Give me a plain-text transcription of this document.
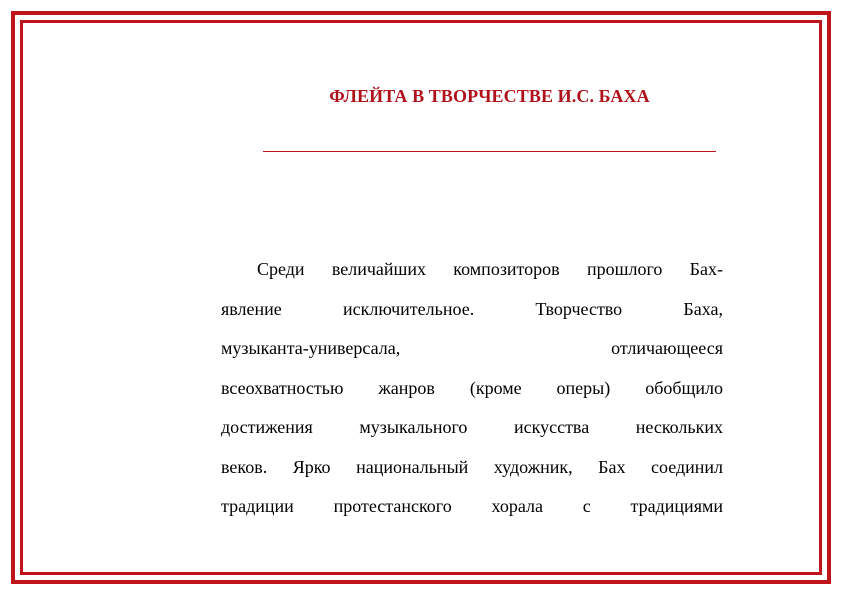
ФЛЕЙТА В ТВОРЧЕСТВЕ И.С. БАХА
Среди величайших композиторов прошлого Бах-
явление исключительное. Творчество Баха,
музыканта-универсала, отличающееся
всеохватностью жанров (кроме оперы) обобщило
достижения музыкального искусства нескольких
веков. Ярко национальный художник, Бах соединил
традиции протестанского хорала с традициями
